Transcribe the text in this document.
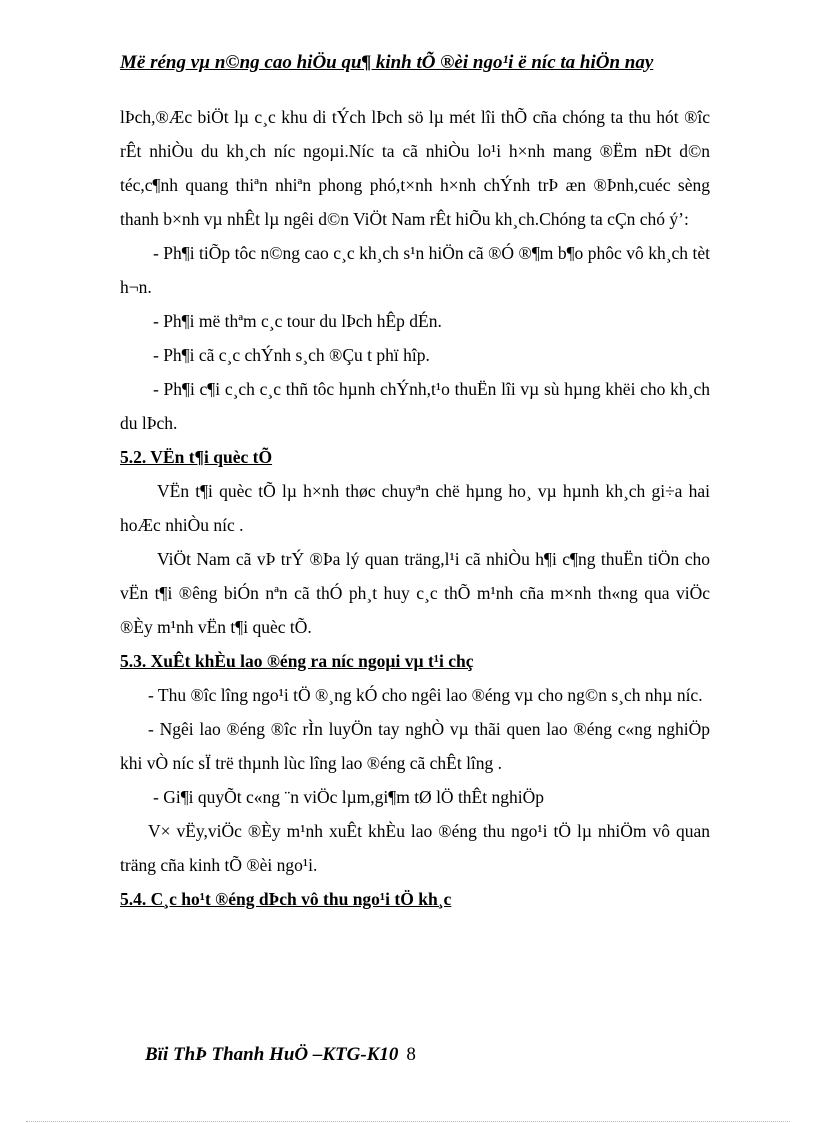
Më réng vµ n©ng cao hiÖu qu¶ kinh tÕ ®èi ngo¹i ë níc ta hiÖn nay

lÞch,®Æc biÖt lµ c¸c khu di tÝch lÞch sö lµ mét lîi thÕ cña chóng ta thu hót ®îc rÊt nhiÒu du kh¸ch níc ngoµi.Níc ta cã nhiÒu lo¹i h×nh mang ®Ëm nÐt d©n téc,c¶nh quang thiªn nhiªn phong phó,t×nh h×nh chÝnh trÞ æn ®Þnh,cuéc sèng thanh b×nh vµ nhÊt lµ ngêi d©n ViÖt Nam rÊt hiÕu kh¸ch.Chóng ta cÇn chó ý’:

- Ph¶i tiÕp tôc n©ng cao c¸c kh¸ch s¹n hiÖn cã ®Ó ®¶m b¶o phôc vô kh¸ch tèt h¬n.

- Ph¶i më thªm c¸c tour du lÞch hÊp dÉn.

- Ph¶i cã c¸c chÝnh s¸ch ®Çu t phï hîp.

- Ph¶i c¶i c¸ch c¸c thñ tôc hµnh chÝnh,t¹o thuËn lîi vµ sù hµng khëi cho kh¸ch du lÞch.

5.2. VËn t¶i quèc tÕ

VËn t¶i quèc tÕ lµ h×nh thøc chuyªn chë hµng ho¸ vµ hµnh kh¸ch gi÷a hai hoÆc nhiÒu níc .

ViÖt Nam cã vÞ trÝ ®Þa lý quan träng,l¹i cã nhiÒu h¶i c¶ng thuËn tiÖn cho vËn t¶i ®êng biÓn nªn cã thÓ ph¸t huy c¸c thÕ m¹nh cña m×nh th«ng qua viÖc ®Èy m¹nh vËn t¶i quèc tÕ.

5.3. XuÊt khÈu lao ®éng ra níc ngoµi vµ t¹i chç

- Thu ®îc lîng ngo¹i tÖ ®¸ng kÓ cho ngêi lao ®éng vµ cho ng©n s¸ch nhµ níc.

- Ngêi lao ®éng ®îc rÌn luyÖn tay nghÒ vµ thãi quen lao ®éng c«ng nghiÖp khi vÒ níc sÏ trë thµnh lùc lîng lao ®éng cã chÊt lîng .

- Gi¶i quyÕt c«ng ¨n viÖc lµm,gi¶m tØ lÖ thÊt nghiÖp

V× vËy,viÖc ®Èy m¹nh xuÊt khÈu lao ®éng thu ngo¹i tÖ lµ nhiÖm vô quan träng cña kinh tÕ ®èi ngo¹i.

5.4. C¸c ho¹t ®éng dÞch vô thu ngo¹i tÖ kh¸c

Bïi ThÞ Thanh HuÖ –KTG-K10 8
